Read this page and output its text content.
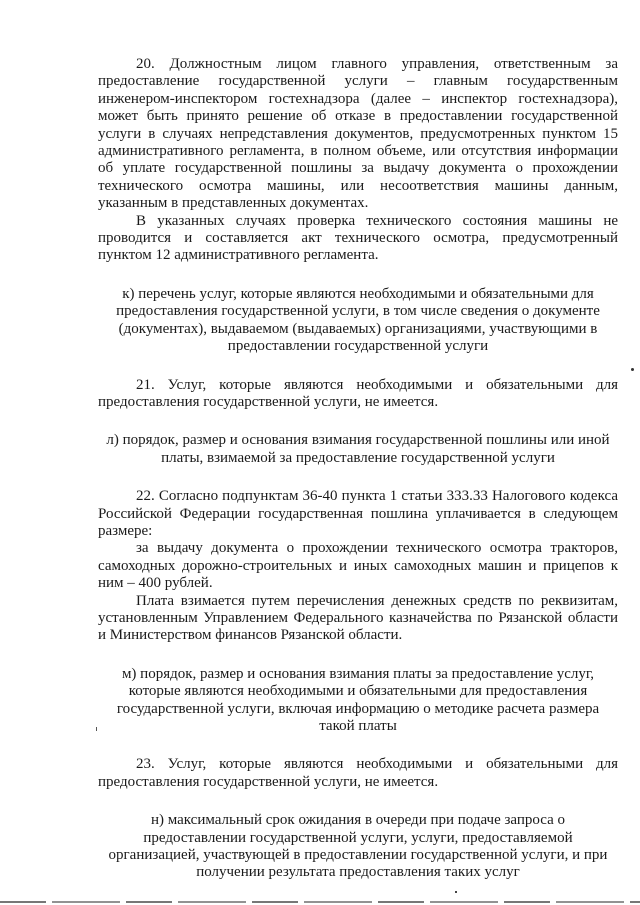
20. Должностным лицом главного управления, ответственным за предоставление государственной услуги – главным государственным инженером-инспектором гостехнадзора (далее – инспектор гостехнадзора), может быть принято решение об отказе в предоставлении государственной услуги в случаях непредставления документов, предусмотренных пунктом 15 административного регламента, в полном объеме, или отсутствия информации об уплате государственной пошлины за выдачу документа о прохождении технического осмотра машины, или несоответствия машины данным, указанным в представленных документах.

В указанных случаях проверка технического состояния машины не проводится и составляется акт технического осмотра, предусмотренный пунктом 12 административного регламента.

к) перечень услуг, которые являются необходимыми и обязательными для предоставления государственной услуги, в том числе сведения о документе (документах), выдаваемом (выдаваемых) организациями, участвующими в предоставлении государственной услуги

21. Услуг, которые являются необходимыми и обязательными для предоставления государственной услуги, не имеется.

л) порядок, размер и основания взимания государственной пошлины или иной платы, взимаемой за предоставление государственной услуги

22. Согласно подпунктам 36-40 пункта 1 статьи 333.33 Налогового кодекса Российской Федерации государственная пошлина уплачивается в следующем размере:

за выдачу документа о прохождении технического осмотра тракторов, самоходных дорожно-строительных и иных самоходных машин и прицепов к ним – 400 рублей.

Плата взимается путем перечисления денежных средств по реквизитам, установленным Управлением Федерального казначейства по Рязанской области и Министерством финансов Рязанской области.

м) порядок, размер и основания взимания платы за предоставление услуг, которые являются необходимыми и обязательными для предоставления государственной услуги, включая информацию о методике расчета размера такой платы

23. Услуг, которые являются необходимыми и обязательными для предоставления государственной услуги, не имеется.

н) максимальный срок ожидания в очереди при подаче запроса о предоставлении государственной услуги, услуги, предоставляемой организацией, участвующей в предоставлении государственной услуги, и при получении результата предоставления таких услуг
